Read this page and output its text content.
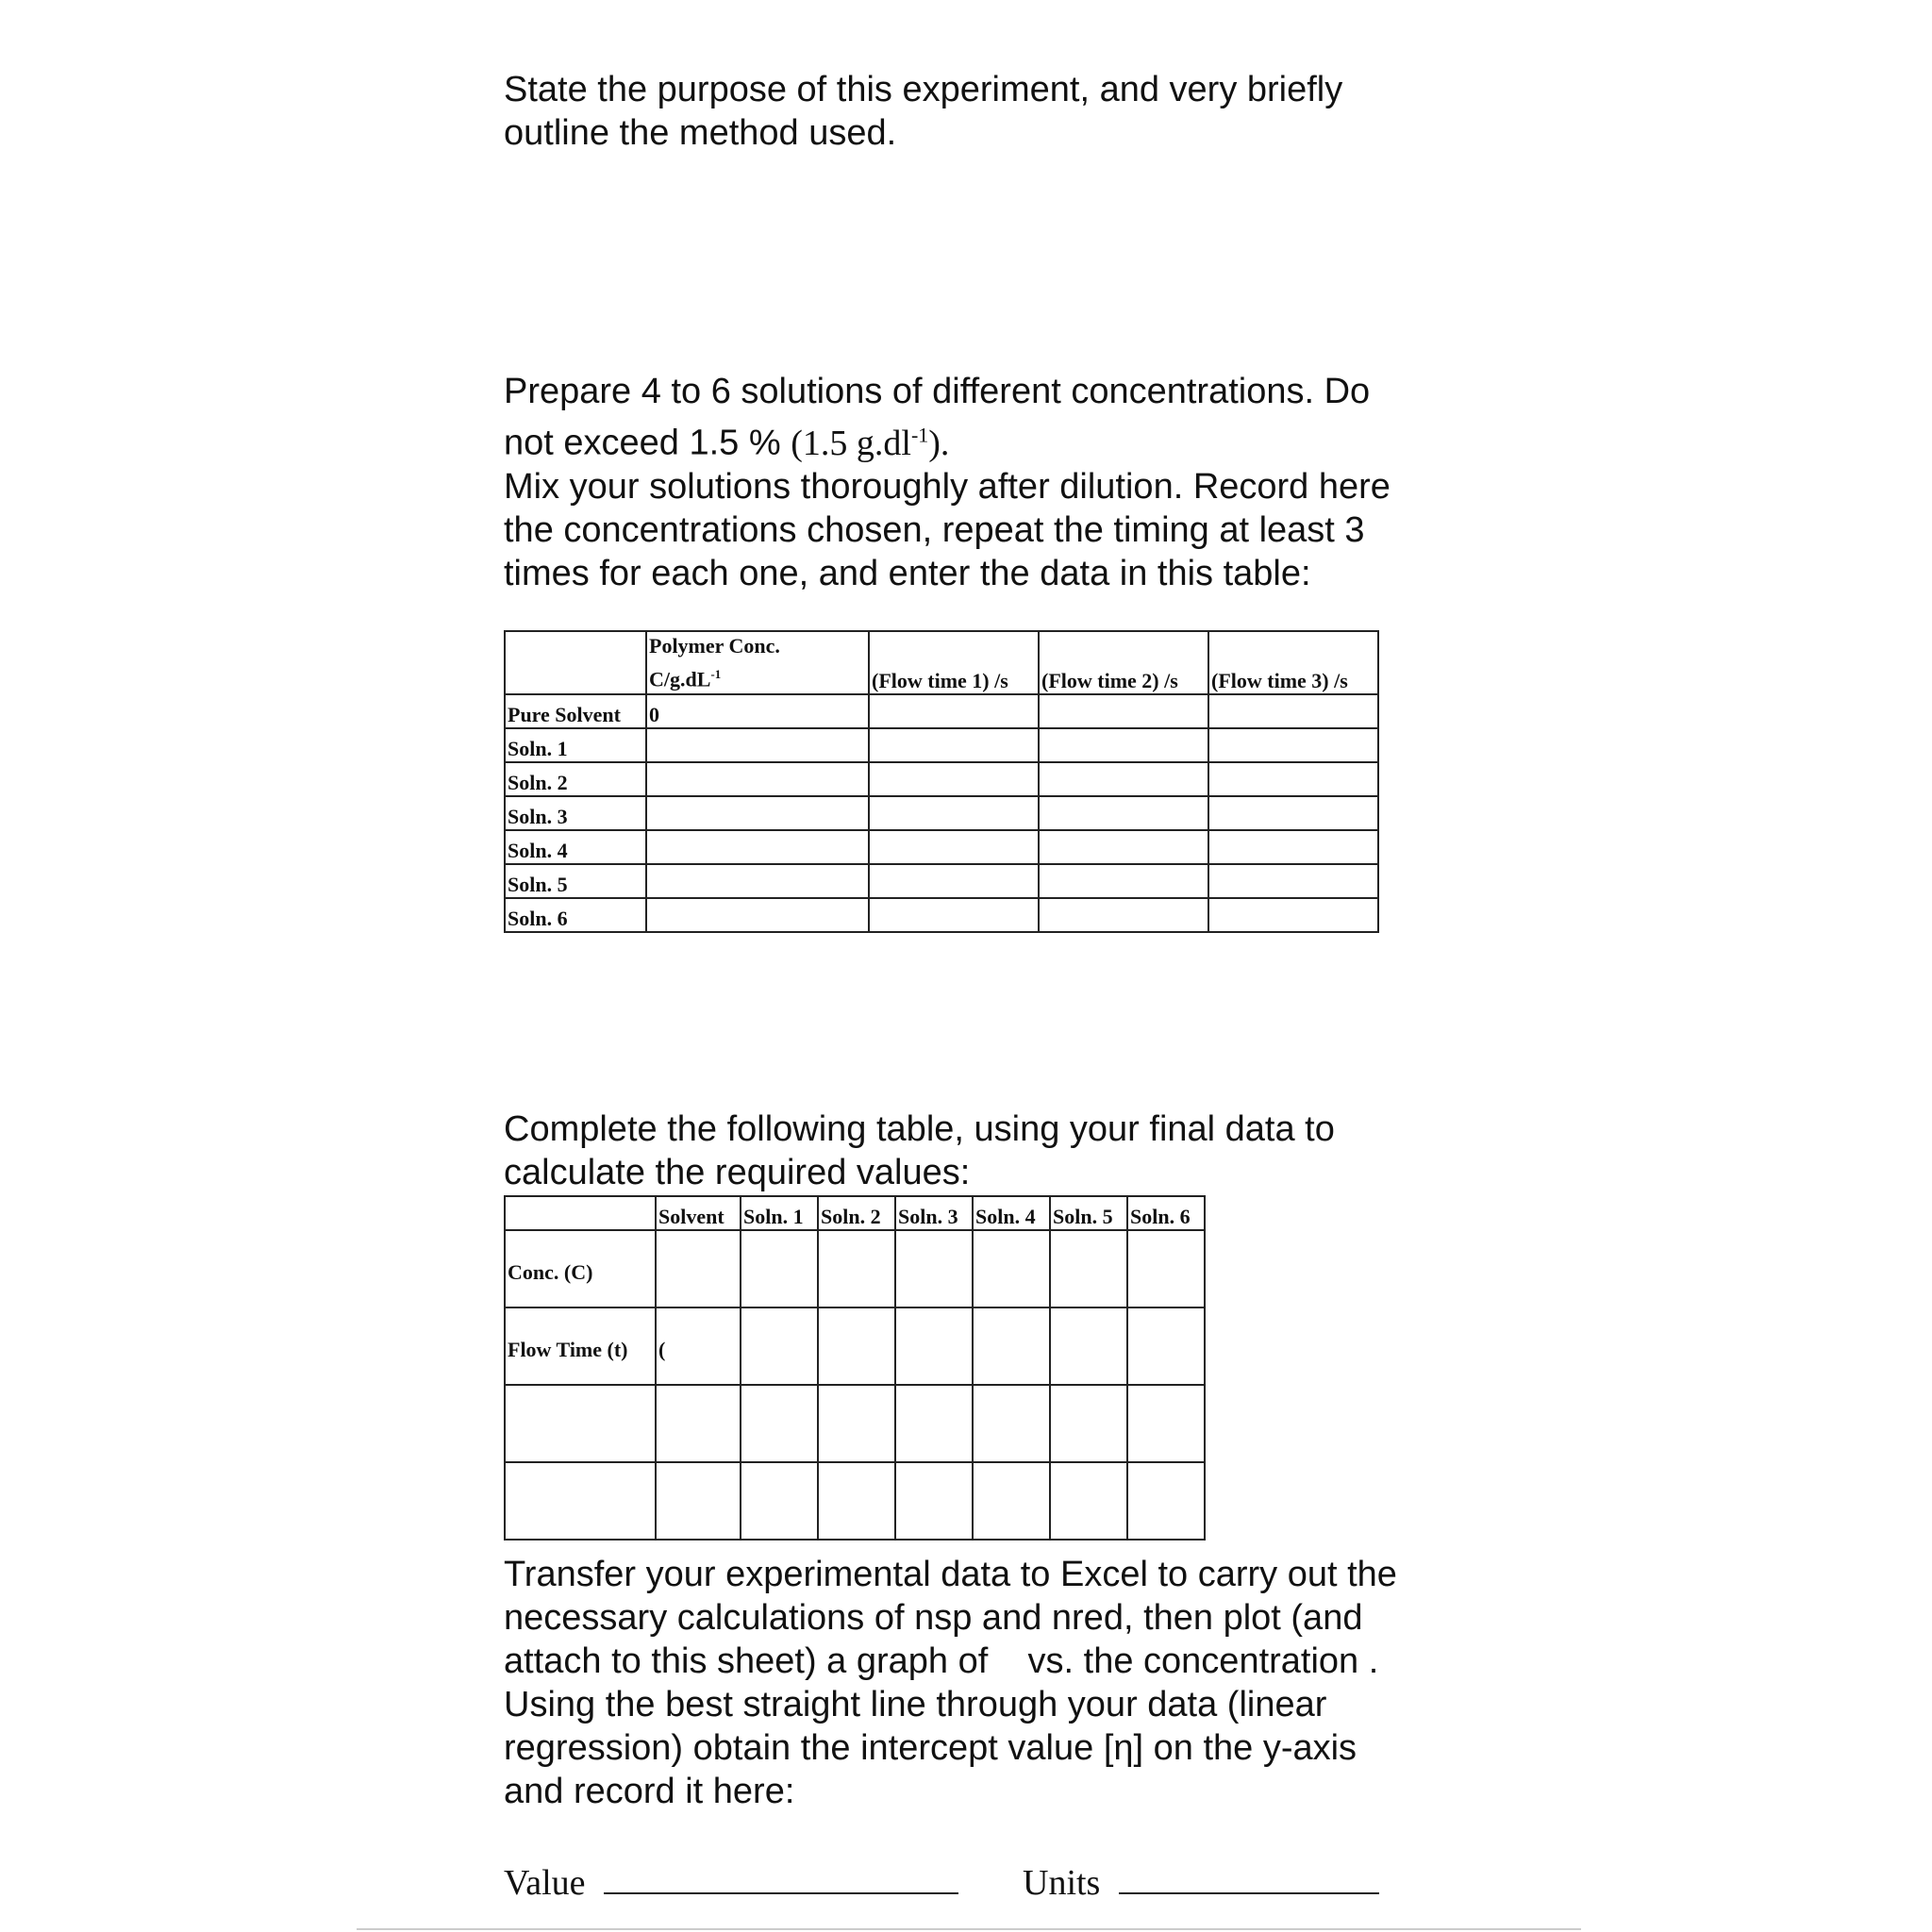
State the purpose of this experiment, and very briefly
outline the method used.
Prepare 4 to 6 solutions of different concentrations. Do
not exceed 1.5 % (1.5 $g.dl^{-1}$).
Mix your solutions thoroughly after dilution. Record here
the concentrations chosen, repeat the timing at least 3
times for each one, and enter the data in this table:
	Polymer Conc.
$C/g.dL^{-1}$	(Flow time 1) /s	(Flow time 2) /s	(Flow time 3) /s
Pure Solvent	0			
Soln. 1				
Soln. 2				
Soln. 3				
Soln. 4				
Soln. 5				
Soln. 6				
Complete the following table, using your final data to
calculate the required values:
	Solvent	Soln. 1	Soln. 2	Soln. 3	Soln. 4	Soln. 5	Soln. 6
Conc. (C)							
Flow Time (t)	(						

Transfer your experimental data to Excel to carry out the
necessary calculations of nsp and nred, then plot (and
attach to this sheet) a graph of    vs. the concentration .
Using the best straight line through your data (linear
regression) obtain the intercept value [η] on the y-axis
and record it here:
Value	Units
